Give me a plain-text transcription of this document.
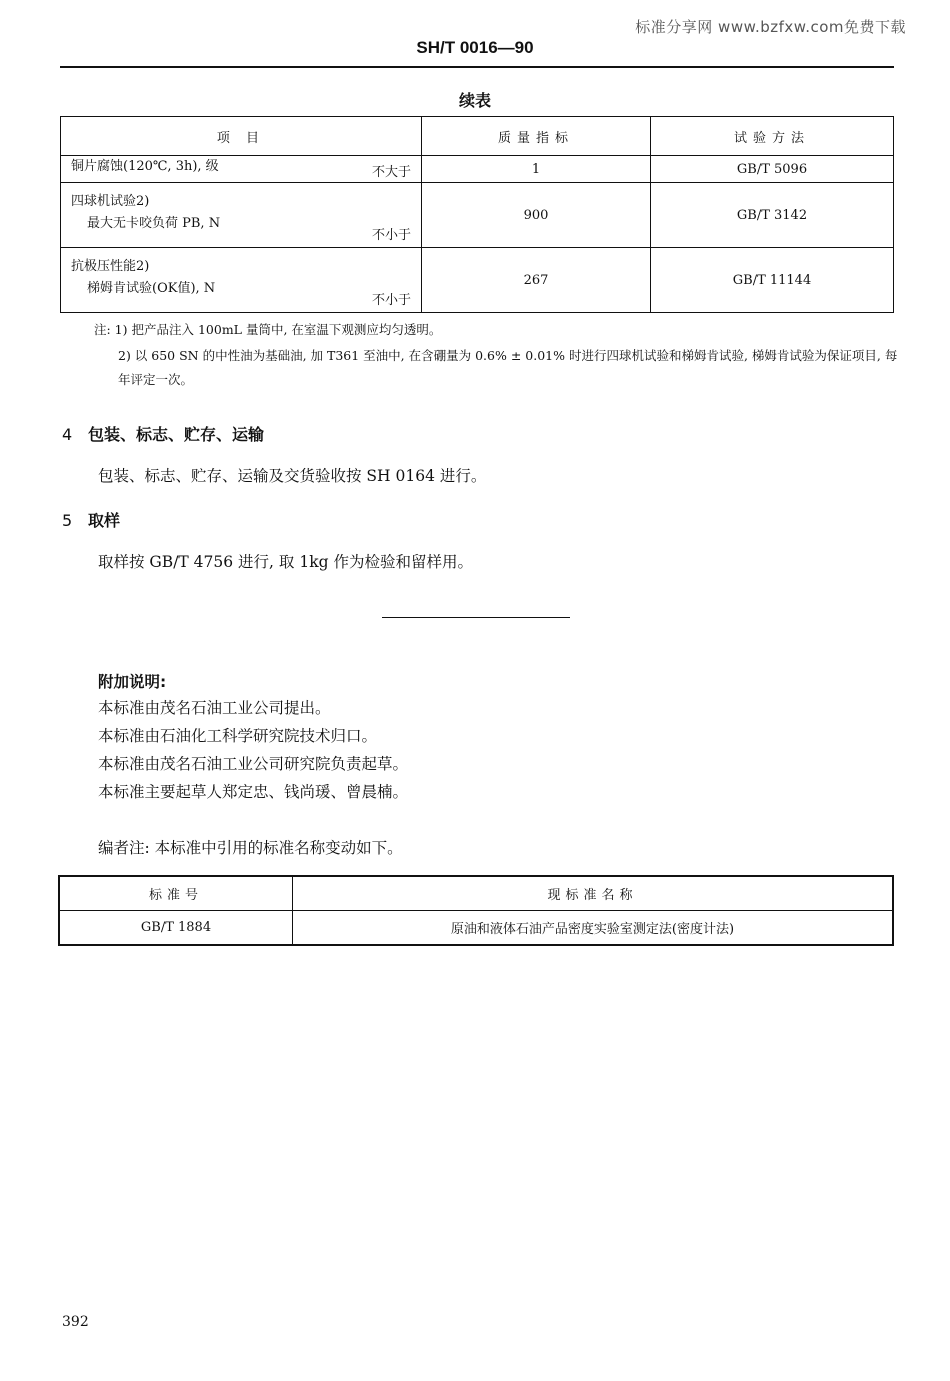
标准分享网 www.bzfxw.com免费下载
SH/T 0016—90
续表
项 目	质量指标	试验方法

铜片腐蚀(120℃, 3h), 级 不大于	1	GB/T 5096

四球机试验2)
最大无卡咬负荷 PB, N
不小于	900	GB/T 3142

抗极压性能2)
梯姆肯试验(OK值), N
不小于	267	GB/T 11144
注: 1) 把产品注入 100mL 量筒中, 在室温下观测应均匀透明。
2) 以 650 SN 的中性油为基础油, 加 T361 至油中, 在含硼量为 0.6% ± 0.01% 时进行四球机试验和梯姆肯试验, 梯姆肯试验为保证项目, 每年评定一次。
4 包装、标志、贮存、运输
包装、标志、贮存、运输及交货验收按 SH 0164 进行。
5 取样
取样按 GB/T 4756 进行, 取 1kg 作为检验和留样用。
附加说明:
本标准由茂名石油工业公司提出。
本标准由石油化工科学研究院技术归口。
本标准由茂名石油工业公司研究院负责起草。
本标准主要起草人郑定忠、钱尚瑗、曾晨楠。
编者注: 本标准中引用的标准名称变动如下。
标准号	现标准名称
GB/T 1884	原油和液体石油产品密度实验室测定法(密度计法)
392
